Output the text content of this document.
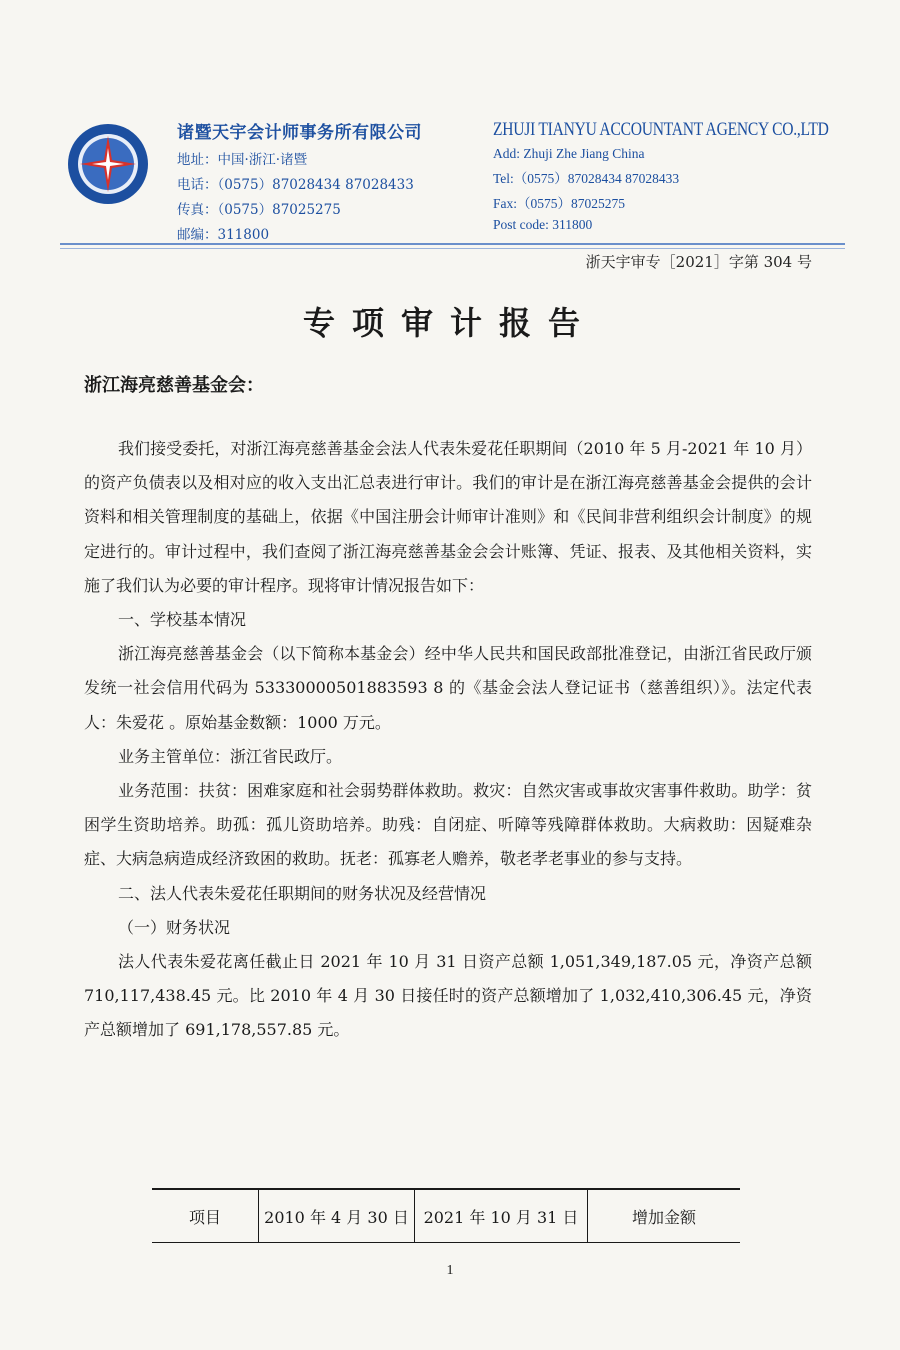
诸暨天宇会计师事务所有限公司
地址：中国·浙江·诸暨
电话：（0575）87028434 87028433
传真：（0575）87025275
邮编：311800
ZHUJI TIANYU ACCOUNTANT AGENCY CO.,LTD
Add: Zhuji Zhe Jiang China
Tel:（0575）87028434 87028433
Fax:（0575）87025275
Post code: 311800
浙天宇审专［2021］字第 304 号
专项审计报告
浙江海亮慈善基金会：

我们接受委托，对浙江海亮慈善基金会法人代表朱爱花任职期间（2010 年 5 月-2021 年 10 月）的资产负债表以及相对应的收入支出汇总表进行审计。我们的审计是在浙江海亮慈善基金会提供的会计资料和相关管理制度的基础上，依据《中国注册会计师审计准则》和《民间非营利组织会计制度》的规定进行的。审计过程中，我们查阅了浙江海亮慈善基金会会计账簿、凭证、报表、及其他相关资料，实施了我们认为必要的审计程序。现将审计情况报告如下：

一、学校基本情况

浙江海亮慈善基金会（以下简称本基金会）经中华人民共和国民政部批准登记，由浙江省民政厅颁发统一社会信用代码为 53330000501883593 8 的《基金会法人登记证书（慈善组织）》。法定代表人：朱爱花 。原始基金数额：1000 万元。

业务主管单位：浙江省民政厅。

业务范围：扶贫：困难家庭和社会弱势群体救助。救灾：自然灾害或事故灾害事件救助。助学：贫困学生资助培养。助孤：孤儿资助培养。助残：自闭症、听障等残障群体救助。大病救助：因疑难杂症、大病急病造成经济致困的救助。抚老：孤寡老人赡养，敬老孝老事业的参与支持。

二、法人代表朱爱花任职期间的财务状况及经营情况

（一）财务状况

法人代表朱爱花离任截止日 2021 年 10 月 31 日资产总额 1,051,349,187.05 元，净资产总额 710,117,438.45 元。比 2010 年 4 月 30 日接任时的资产总额增加了 1,032,410,306.45 元，净资产总额增加了 691,178,557.85 元。

项目	2010 年 4 月 30 日 2021 年 10 月 31 日	增加金额
1
